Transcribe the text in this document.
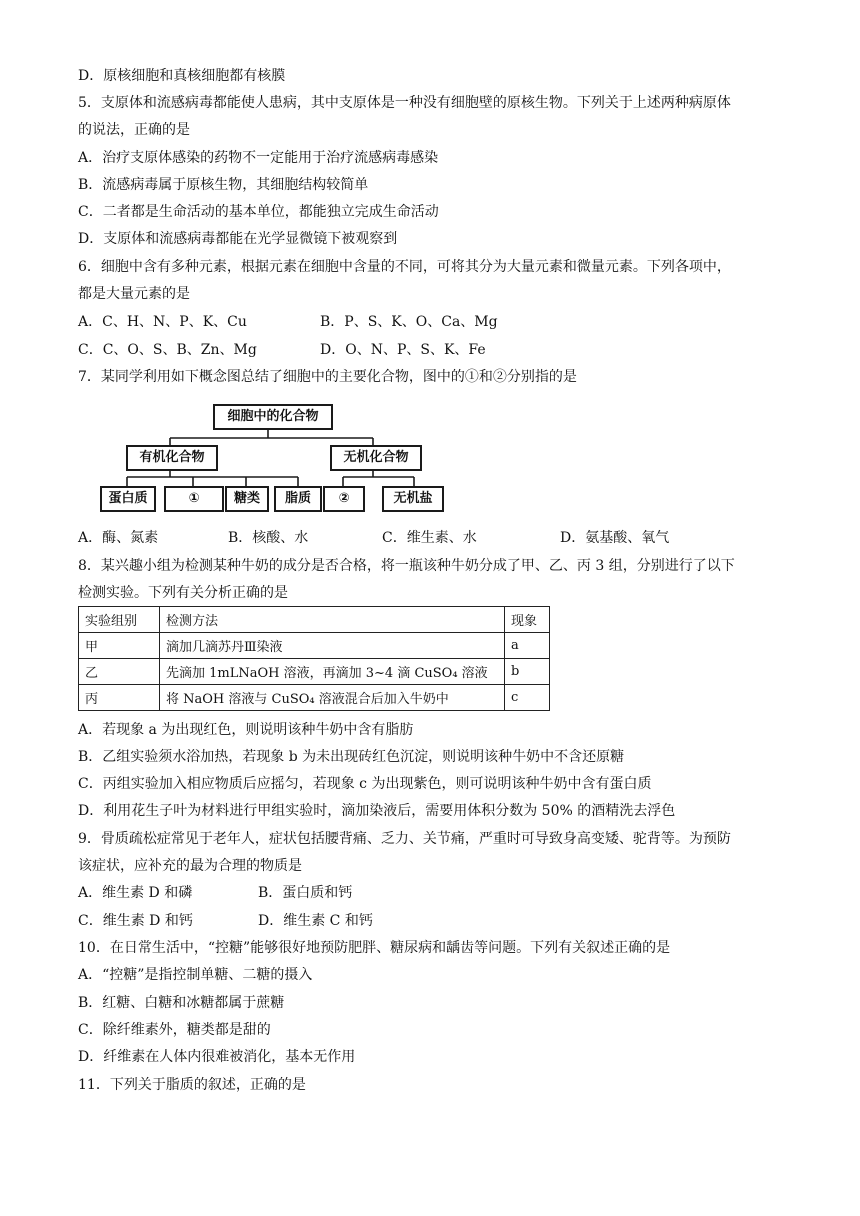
D．原核细胞和真核细胞都有核膜
5．支原体和流感病毒都能使人患病，其中支原体是一种没有细胞壁的原核生物。下列关于上述两种病原体
的说法，正确的是
A．治疗支原体感染的药物不一定能用于治疗流感病毒感染
B．流感病毒属于原核生物，其细胞结构较简单
C．二者都是生命活动的基本单位，都能独立完成生命活动
D．支原体和流感病毒都能在光学显微镜下被观察到
6．细胞中含有多种元素，根据元素在细胞中含量的不同，可将其分为大量元素和微量元素。下列各项中，
都是大量元素的是
A．C、H、N、P、K、Cu	B．P、S、K、O、Ca、Mg
C．C、O、S、B、Zn、Mg	D．O、N、P、S、K、Fe
7．某同学利用如下概念图总结了细胞中的主要化合物，图中的①和②分别指的是
细胞中的化合物
有机化合物	无机化合物
蛋白质	①	糖类	脂质	②	无机盐
A．酶、氮素	B．核酸、水	C．维生素、水	D．氨基酸、氧气
8．某兴趣小组为检测某种牛奶的成分是否合格，将一瓶该种牛奶分成了甲、乙、丙 3 组，分别进行了以下
检测实验。下列有关分析正确的是
实验组别	检测方法	现象
甲	滴加几滴苏丹Ⅲ染液	a
乙	先滴加 1mLNaOH 溶液，再滴加 3~4 滴 CuSO₄ 溶液	b
丙	将 NaOH 溶液与 CuSO₄ 溶液混合后加入牛奶中	c
A．若现象 a 为出现红色，则说明该种牛奶中含有脂肪
B．乙组实验须水浴加热，若现象 b 为未出现砖红色沉淀，则说明该种牛奶中不含还原糖
C．丙组实验加入相应物质后应摇匀，若现象 c 为出现紫色，则可说明该种牛奶中含有蛋白质
D．利用花生子叶为材料进行甲组实验时，滴加染液后，需要用体积分数为 50% 的酒精洗去浮色
9．骨质疏松症常见于老年人，症状包括腰背痛、乏力、关节痛，严重时可导致身高变矮、驼背等。为预防
该症状，应补充的最为合理的物质是
A．维生素 D 和磷	B．蛋白质和钙
C．维生素 D 和钙	D．维生素 C 和钙
10．在日常生活中，“控糖”能够很好地预防肥胖、糖尿病和龋齿等问题。下列有关叙述正确的是
A．“控糖”是指控制单糖、二糖的摄入
B．红糖、白糖和冰糖都属于蔗糖
C．除纤维素外，糖类都是甜的
D．纤维素在人体内很难被消化，基本无作用
11．下列关于脂质的叙述，正确的是
